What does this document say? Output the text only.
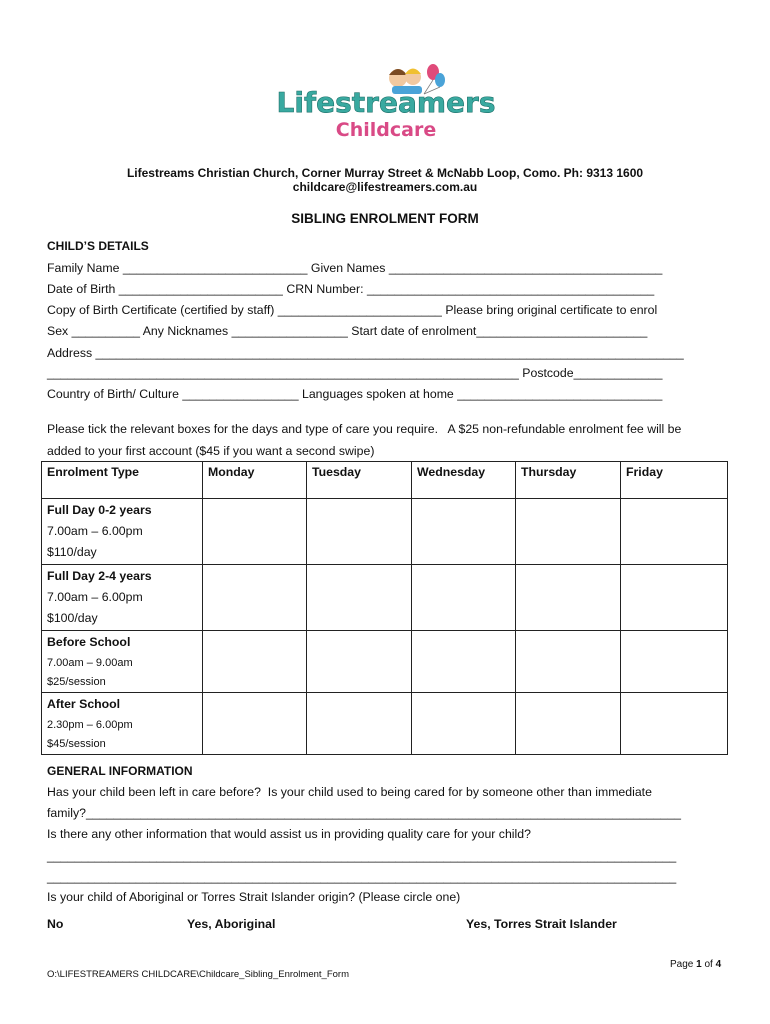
Lifestreamers
Childcare
Lifestreams Christian Church, Corner Murray Street & McNabb Loop, Como. Ph: 9313 1600
childcare@lifestreamers.com.au
SIBLING ENROLMENT FORM
CHILD’S DETAILS
Family Name ___________________________ Given Names ________________________________________
Date of Birth ________________________ CRN Number: __________________________________________
Copy of Birth Certificate (certified by staff) ________________________ Please bring original certificate to enrol
Sex __________ Any Nicknames _________________ Start date of enrolment_________________________
Address ______________________________________________________________________________________
_____________________________________________________________________ Postcode_____________
Country of Birth/ Culture _________________ Languages spoken at home ______________________________
Please tick the relevant boxes for the days and type of care you require.   A $25 non-refundable enrolment fee will be
added to your first account ($45 if you want a second swipe)
Enrolment Type	Monday	Tuesday	Wednesday	Thursday	Friday

Full Day 0-2 years
7.00am – 6.00pm
$110/day					

Full Day 2-4 years
7.00am – 6.00pm
$100/day					

Before School
7.00am – 9.00am
$25/session					

After School
2.30pm – 6.00pm
$45/session					

GENERAL INFORMATION
Has your child been left in care before?  Is your child used to being cared for by someone other than immediate
family?_______________________________________________________________________________________
Is there any other information that would assist us in providing quality care for your child?
____________________________________________________________________________________________
____________________________________________________________________________________________
Is your child of Aboriginal or Torres Strait Islander origin? (Please circle one)
No	Yes, Aboriginal	Yes, Torres Strait Islander
Page 1 of 4
O:\LIFESTREAMERS CHILDCARE\Childcare_Sibling_Enrolment_Form
